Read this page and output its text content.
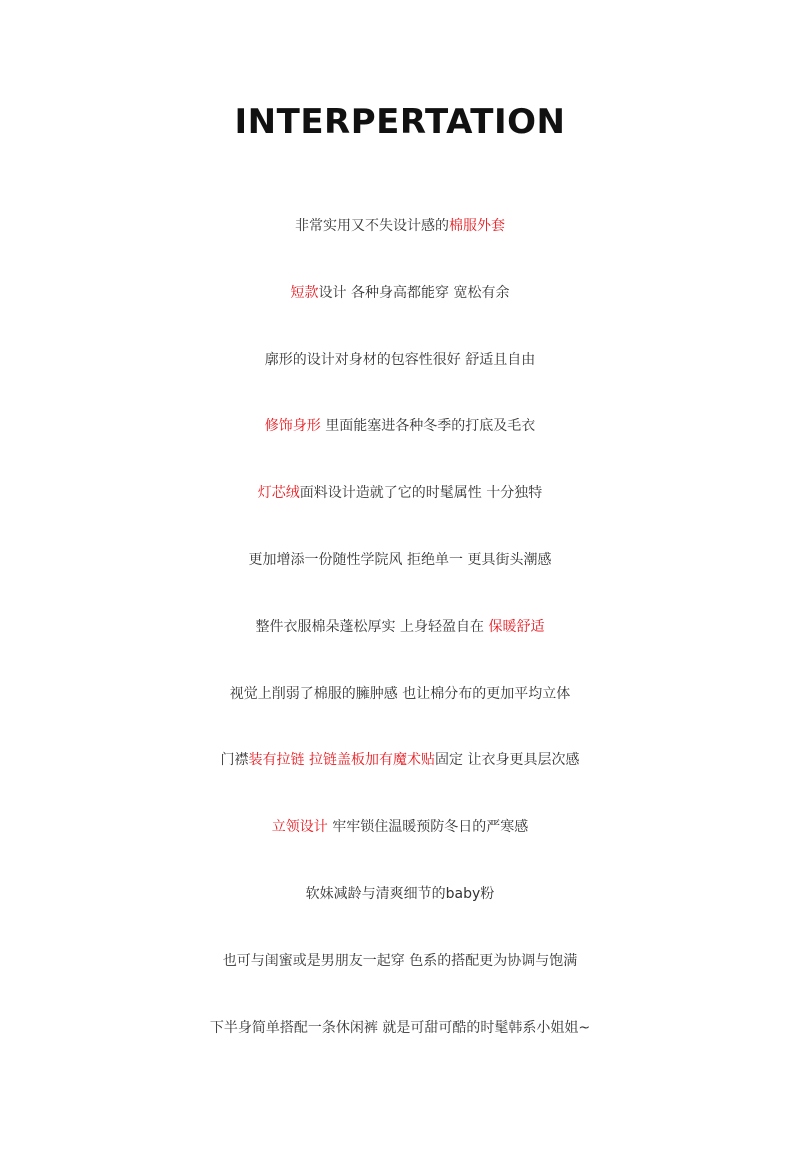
INTERPERTATION
非常实用又不失设计感的棉服外套
短款设计 各种身高都能穿 宽松有余
廓形的设计对身材的包容性很好 舒适且自由
修饰身形 里面能塞进各种冬季的打底及毛衣
灯芯绒面料设计造就了它的时髦属性 十分独特
更加增添一份随性学院风 拒绝单一 更具街头潮感
整件衣服棉朵蓬松厚实 上身轻盈自在 保暖舒适
视觉上削弱了棉服的臃肿感 也让棉分布的更加平均立体
门襟装有拉链 拉链盖板加有魔术贴固定 让衣身更具层次感
立领设计 牢牢锁住温暖预防冬日的严寒感
软妹减龄与清爽细节的baby粉
也可与闺蜜或是男朋友一起穿 色系的搭配更为协调与饱满
下半身简单搭配一条休闲裤 就是可甜可酷的时髦韩系小姐姐~
